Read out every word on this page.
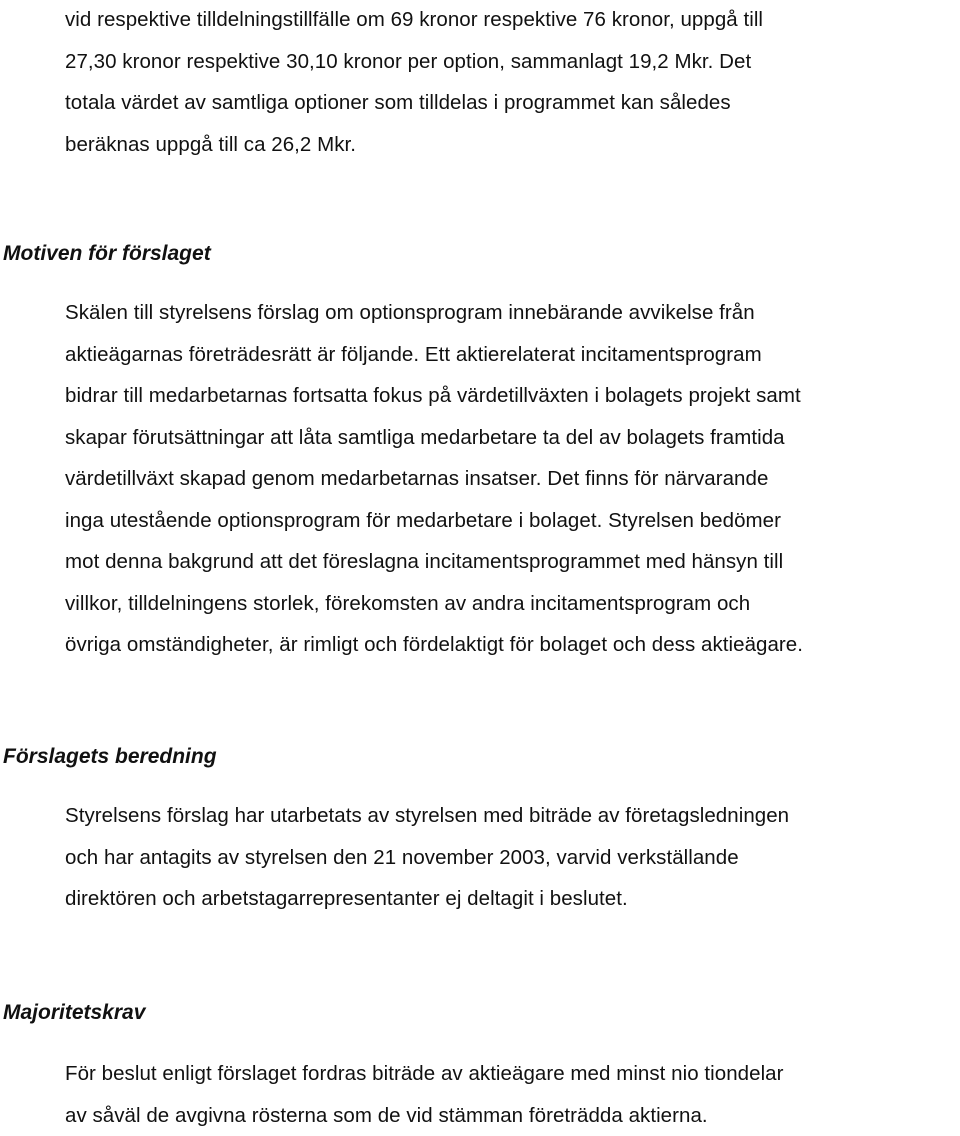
vid respektive tilldelningstillfälle om 69 kronor respektive 76 kronor, uppgå till
27,30 kronor respektive 30,10 kronor per option, sammanlagt 19,2 Mkr. Det
totala värdet av samtliga optioner som tilldelas i programmet kan således
beräknas uppgå till ca 26,2 Mkr.

Motiven för förslaget

Skälen till styrelsens förslag om optionsprogram innebärande avvikelse från
aktieägarnas företrädesrätt är följande. Ett aktierelaterat incitamentsprogram
bidrar till medarbetarnas fortsatta fokus på värdetillväxten i bolagets projekt samt
skapar förutsättningar att låta samtliga medarbetare ta del av bolagets framtida
värdetillväxt skapad genom medarbetarnas insatser. Det finns för närvarande
inga utestående optionsprogram för medarbetare i bolaget. Styrelsen bedömer
mot denna bakgrund att det föreslagna incitamentsprogrammet med hänsyn till
villkor, tilldelningens storlek, förekomsten av andra incitamentsprogram och
övriga omständigheter, är rimligt och fördelaktigt för bolaget och dess aktieägare.

Förslagets beredning

Styrelsens förslag har utarbetats av styrelsen med biträde av företagsledningen
och har antagits av styrelsen den 21 november 2003, varvid verkställande
direktören och arbetstagarrepresentanter ej deltagit i beslutet.

Majoritetskrav

För beslut enligt förslaget fordras biträde av aktieägare med minst nio tiondelar
av såväl de avgivna rösterna som de vid stämman företrädda aktierna.
